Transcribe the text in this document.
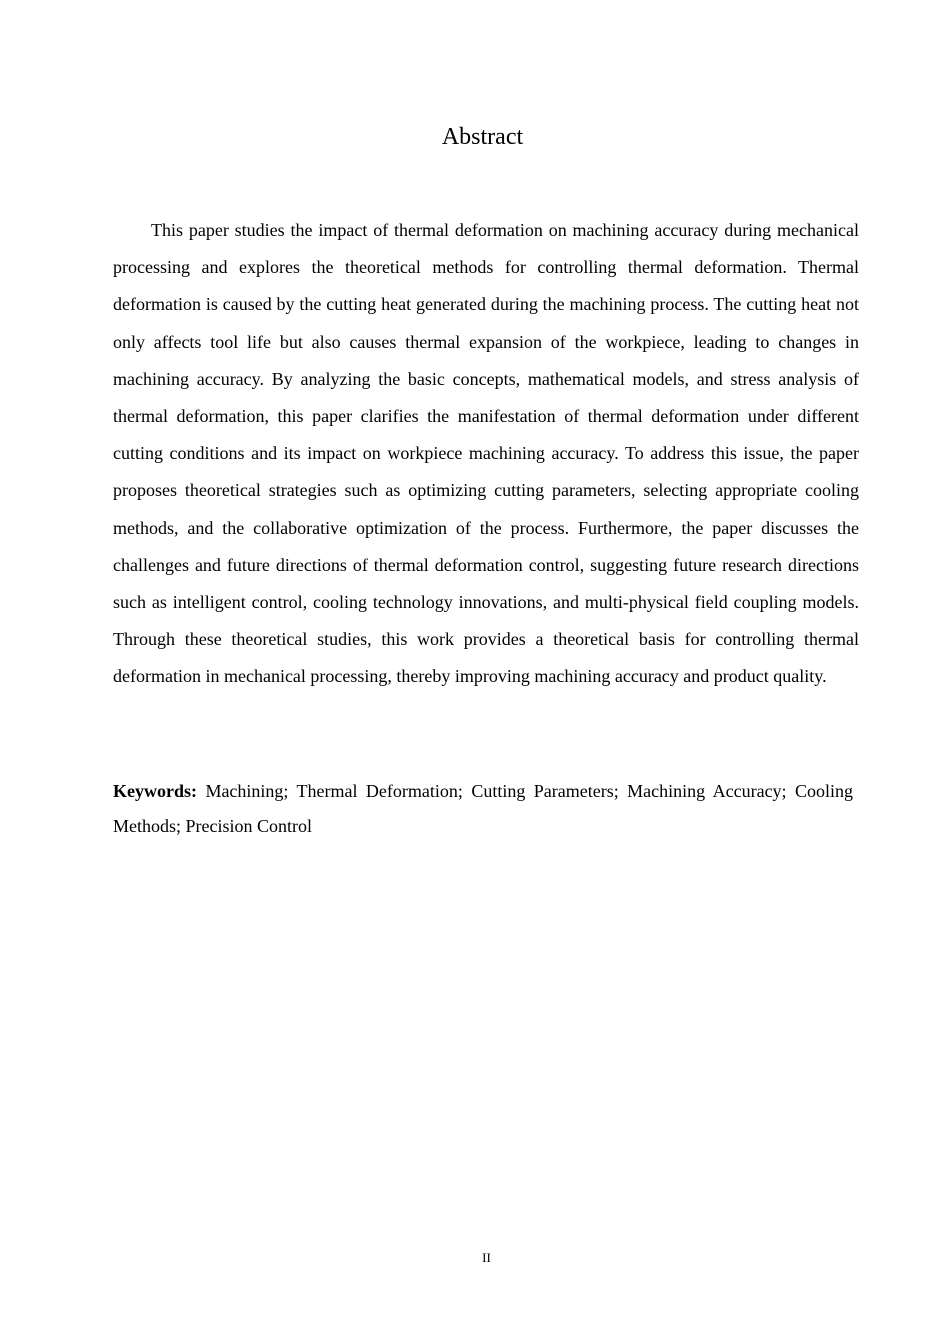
Abstract

This paper studies the impact of thermal deformation on machining accuracy during mechanical processing and explores the theoretical methods for controlling thermal deformation. Thermal deformation is caused by the cutting heat generated during the machining process. The cutting heat not only affects tool life but also causes thermal expansion of the workpiece, leading to changes in machining accuracy. By analyzing the basic concepts, mathematical models, and stress analysis of thermal deformation, this paper clarifies the manifestation of thermal deformation under different cutting conditions and its impact on workpiece machining accuracy. To address this issue, the paper proposes theoretical strategies such as optimizing cutting parameters, selecting appropriate cooling methods, and the collaborative optimization of the process. Furthermore, the paper discusses the challenges and future directions of thermal deformation control, suggesting future research directions such as intelligent control, cooling technology innovations, and multi-physical field coupling models. Through these theoretical studies, this work provides a theoretical basis for controlling thermal deformation in mechanical processing, thereby improving machining accuracy and product quality.

Keywords: Machining; Thermal Deformation; Cutting Parameters; Machining Accuracy; Cooling Methods; Precision Control

II
